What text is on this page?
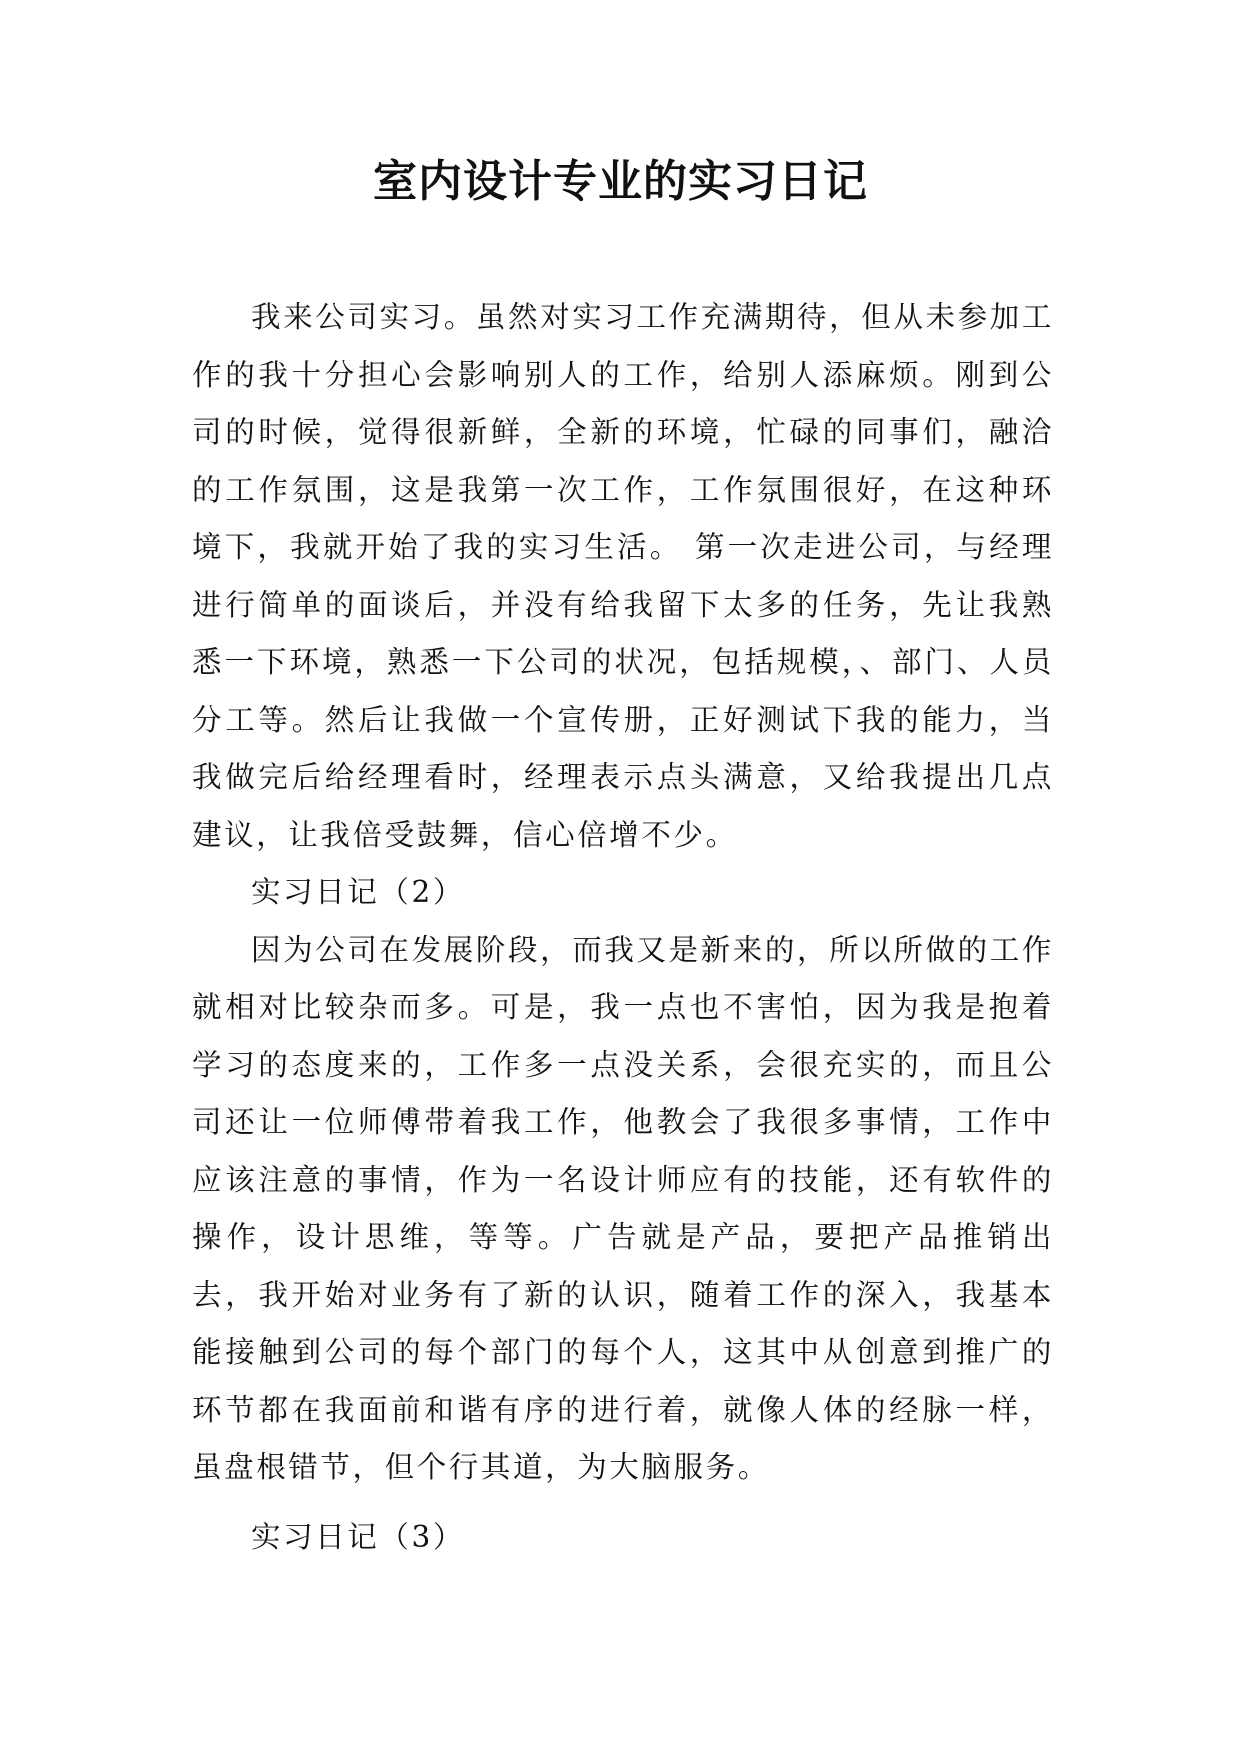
室内设计专业的实习日记

我来公司实习。虽然对实习工作充满期待，但从未参加工作的我十分担心会影响别人的工作，给别人添麻烦。刚到公司的时候，觉得很新鲜，全新的环境，忙碌的同事们，融洽的工作氛围，这是我第一次工作，工作氛围很好，在这种环境下，我就开始了我的实习生活。 第一次走进公司，与经理进行简单的面谈后，并没有给我留下太多的任务，先让我熟悉一下环境，熟悉一下公司的状况，包括规模，、部门、人员分工等。然后让我做一个宣传册，正好测试下我的能力，当我做完后给经理看时，经理表示点头满意，又给我提出几点建议，让我倍受鼓舞，信心倍增不少。

实习日记（2）

因为公司在发展阶段，而我又是新来的，所以所做的工作就相对比较杂而多。可是，我一点也不害怕，因为我是抱着学习的态度来的，工作多一点没关系，会很充实的，而且公司还让一位师傅带着我工作，他教会了我很多事情，工作中应该注意的事情，作为一名设计师应有的技能，还有软件的操作，设计思维，等等。广告就是产品，要把产品推销出去，我开始对业务有了新的认识，随着工作的深入，我基本能接触到公司的每个部门的每个人，这其中从创意到推广的环节都在我面前和谐有序的进行着，就像人体的经脉一样，虽盘根错节，但个行其道，为大脑服务。

实习日记（3）
